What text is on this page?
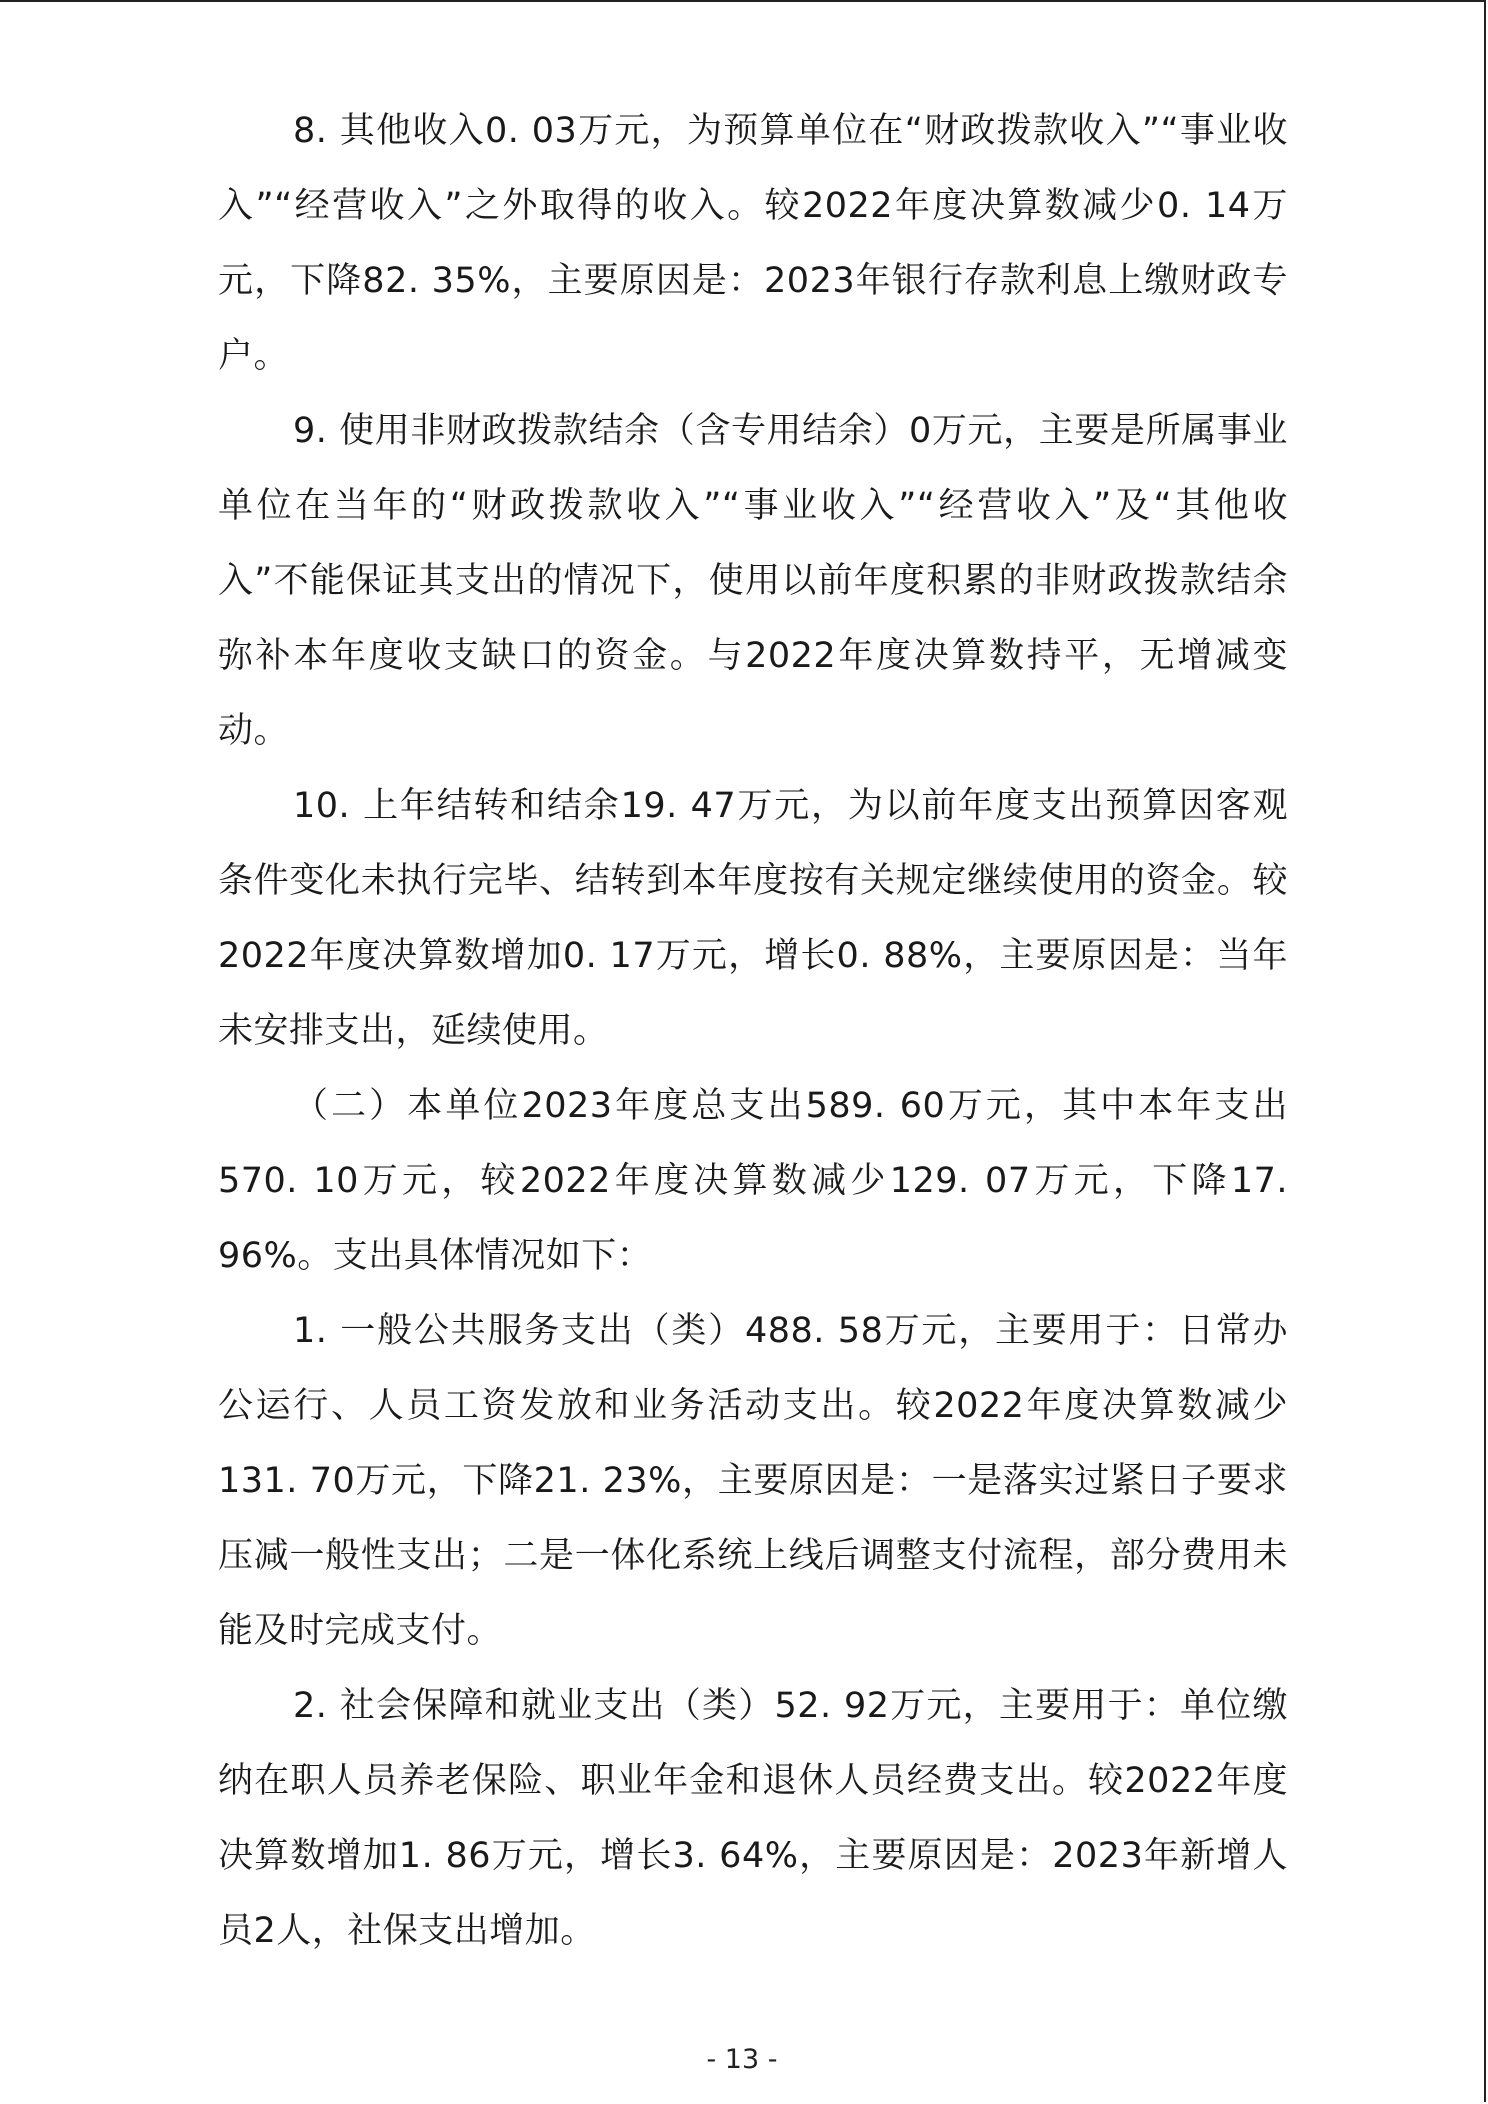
8. 其他收入0. 03万元，为预算单位在“财政拨款收入”“事业收入”“经营收入”之外取得的收入。较2022年度决算数减少0. 14万元，下降82. 35%，主要原因是：2023年银行存款利息上缴财政专户。

9. 使用非财政拨款结余（含专用结余）0万元，主要是所属事业单位在当年的“财政拨款收入”“事业收入”“经营收入”及“其他收入”不能保证其支出的情况下，使用以前年度积累的非财政拨款结余弥补本年度收支缺口的资金。与2022年度决算数持平，无增减变动。

10. 上年结转和结余19. 47万元，为以前年度支出预算因客观条件变化未执行完毕、结转到本年度按有关规定继续使用的资金。较2022年度决算数增加0. 17万元，增长0. 88%，主要原因是：当年未安排支出，延续使用。

（二）本单位2023年度总支出589. 60万元，其中本年支出570. 10万元，较2022年度决算数减少129. 07万元，下降17. 96%。支出具体情况如下：

1. 一般公共服务支出（类）488. 58万元，主要用于：日常办公运行、人员工资发放和业务活动支出。较2022年度决算数减少131. 70万元，下降21. 23%，主要原因是：一是落实过紧日子要求压减一般性支出；二是一体化系统上线后调整支付流程，部分费用未能及时完成支付。

2. 社会保障和就业支出（类）52. 92万元，主要用于：单位缴纳在职人员养老保险、职业年金和退休人员经费支出。较2022年度决算数增加1. 86万元，增长3. 64%，主要原因是：2023年新增人员2人，社保支出增加。

- 13 -
